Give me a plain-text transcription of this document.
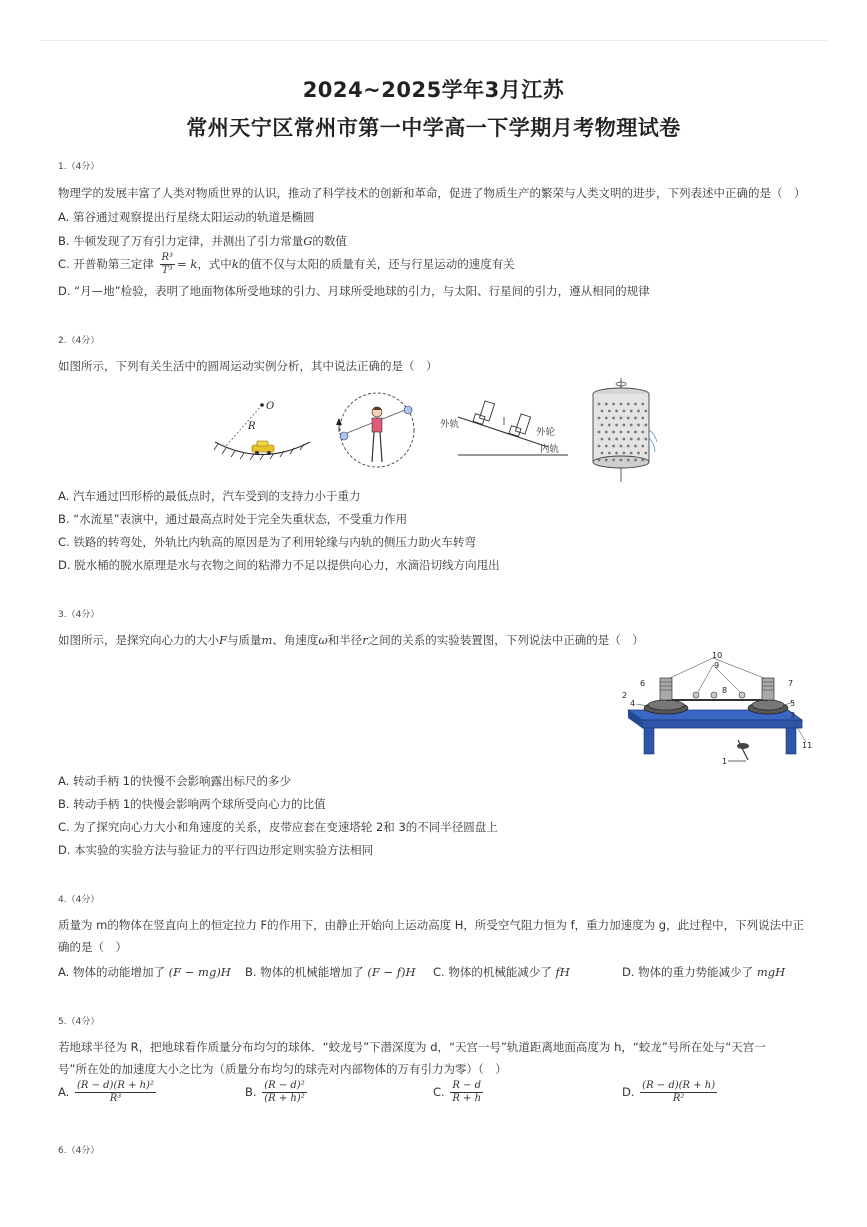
2024~2025学年3月江苏
常州天宁区常州市第一中学高一下学期月考物理试卷
1.（4分）
物理学的发展丰富了人类对物质世界的认识，推动了科学技术的创新和革命，促进了物质生产的繁荣与人类文明的进步，下列表述中正确的是（　）
A. 第谷通过观察提出行星绕太阳运动的轨道是椭圆
B. 牛顿发现了万有引力定律，并测出了引力常量G的数值
C. 开普勒第三定律 $\frac{\text{R³}}{\text{T³}} = k$，式中k的值不仅与太阳的质量有关，还与行星运动的速度有关
D. “月—地”检验，表明了地面物体所受地球的引力、月球所受地球的引力，与太阳、行星间的引力，遵从相同的规律
2.（4分）
如图所示，下列有关生活中的圆周运动实例分析，其中说法正确的是（　）
O
R	外轨
外轮
内轨
A. 汽车通过凹形桥的最低点时，汽车受到的支持力小于重力
B. “水流星”表演中，通过最高点时处于完全失重状态，不受重力作用
C. 铁路的转弯处，外轨比内轨高的原因是为了利用轮缘与内轨的侧压力助火车转弯
D. 脱水桶的脱水原理是水与衣物之间的粘滞力不足以提供向心力，水滴沿切线方向甩出
3.（4分）
如图所示，是探究向心力的大小F与质量m、角速度ω和半径r之间的关系的实验装置图，下列说法中正确的是（　）
10
9
6	7
4	5
3
2
8
11
1
A. 转动手柄 1的快慢不会影响露出标尺的多少
B. 转动手柄 1的快慢会影响两个球所受向心力的比值
C. 为了探究向心力大小和角速度的关系，皮带应套在变速塔轮 2和 3的不同半径圆盘上
D. 本实验的实验方法与验证力的平行四边形定则实验方法相同
4.（4分）
质量为 m的物体在竖直向上的恒定拉力 F的作用下，由静止开始向上运动高度 H，所受空气阻力恒为 f，重力加速度为 g，此过程中，下列说法中正
确的是（　）
A. 物体的动能增加了 (F − mg)H B. 物体的机械能增加了 (F − f)H C. 物体的机械能减少了 fH	D. 物体的重力势能减少了 mgH
5.（4分）
若地球半径为 R，把地球看作质量分布均匀的球体．“蛟龙号”下潜深度为 d，“天宫一号”轨道距离地面高度为 h，“蛟龙”号所在处与“天宫一
号”所在处的加速度大小之比为（质量分布均匀的球壳对内部物体的万有引力为零）（　）
A. $\frac{\text{(R − d)(R + h)²}}{\text{R³}}$	B. $\frac{\text{(R − d)²}}{\text{(R + h)²}}$	C. $\frac{R - d}{R + h}$	D. $\frac{(R - d)(R + h)}{\text{R²}}$
6.（4分）
